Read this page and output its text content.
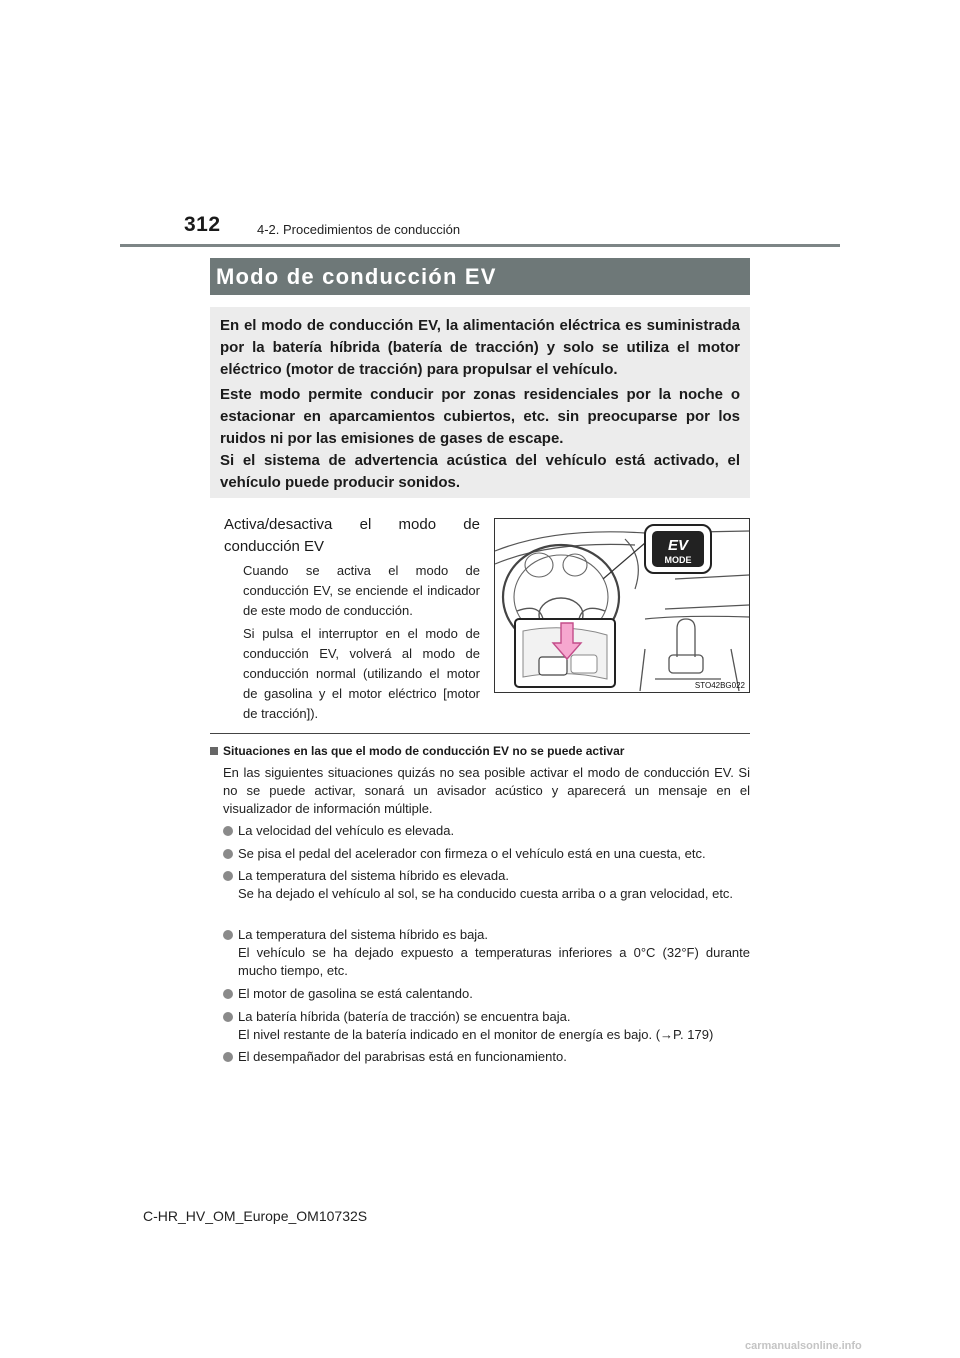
312	4-2. Procedimientos de conducción
Modo de conducción EV
En el modo de conducción EV, la alimentación eléctrica es suministrada por la batería híbrida (batería de tracción) y solo se utiliza el motor eléctrico (motor de tracción) para propulsar el vehículo.
Este modo permite conducir por zonas residenciales por la noche o estacionar en aparcamientos cubiertos, etc. sin preocuparse por los ruidos ni por las emisiones de gases de escape.
Si el sistema de advertencia acústica del vehículo está activado, el vehículo puede producir sonidos.
Activa/desactiva el modo de conducción EV
Cuando se activa el modo de conducción EV, se enciende el indicador de este modo de conducción.
Si pulsa el interruptor en el modo de conducción EV, volverá al modo de conducción normal (utilizando el motor de gasolina y el motor eléctrico [motor de tracción]).
EV
MODE
STO42BG022
Situaciones en las que el modo de conducción EV no se puede activar
En las siguientes situaciones quizás no sea posible activar el modo de conducción EV. Si no se puede activar, sonará un avisador acústico y aparecerá un mensaje en el visualizador de información múltiple.
La velocidad del vehículo es elevada.
Se pisa el pedal del acelerador con firmeza o el vehículo está en una cuesta, etc.
La temperatura del sistema híbrido es elevada.
Se ha dejado el vehículo al sol, se ha conducido cuesta arriba o a gran velocidad, etc.
La temperatura del sistema híbrido es baja.
El vehículo se ha dejado expuesto a temperaturas inferiores a 0°C (32°F) durante mucho tiempo, etc.
El motor de gasolina se está calentando.
La batería híbrida (batería de tracción) se encuentra baja.
El nivel restante de la batería indicado en el monitor de energía es bajo. (→P. 179)
El desempañador del parabrisas está en funcionamiento.
C-HR_HV_OM_Europe_OM10732S
carmanualsonline.info
